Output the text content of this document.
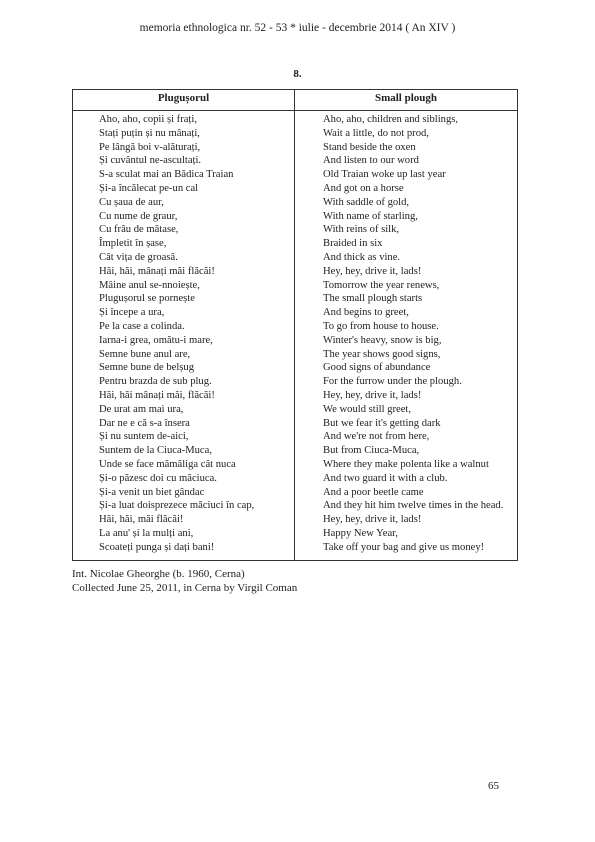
memoria ethnologica nr. 52 - 53 * iulie - decembrie 2014 ( An XIV )
8.
Plugușorul	Small plough
Aho, aho, copii și frați,
Stați puțin și nu mânați,
Pe lângă boi v-alăturați,
Și cuvântul ne-ascultați.
S-a sculat mai an Bădica Traian
Și-a încălecat pe-un cal
Cu șaua de aur,
Cu nume de graur,
Cu frâu de mătase,
Împletit în șase,
Cât vița de groasă.
Hăi, hăi, mânați măi flăcăi!
Mâine anul se-nnoiește,
Plugușorul se pornește
Și începe a ura,
Pe la case a colinda.
Iarna-i grea, omătu-i mare,
Semne bune anul are,
Semne bune de belșug
Pentru brazda de sub plug.
Hăi, hăi mânați măi, flăcăi!
De urat am mai ura,
Dar ne e că s-a însera
Și nu suntem de-aici,
Suntem de la Ciuca-Muca,
Unde se face mămăliga cât nuca
Și-o păzesc doi cu măciuca.
Și-a venit un biet gândac
Și-a luat doisprezece măciuci în cap,
Hăi, hăi, măi flăcăi!
La anu' și la mulți ani,
Scoateți punga și dați bani!
Aho, aho, children and siblings,
Wait a little, do not prod,
Stand beside the oxen
And listen to our word
Old Traian woke up last year
And got on a horse
With saddle of gold,
With name of starling,
With reins of silk,
Braided in six
And thick as vine.
Hey, hey, drive it, lads!
Tomorrow the year renews,
The small plough starts
And begins to greet,
To go from house to house.
Winter's heavy, snow is big,
The year shows good signs,
Good signs of abundance
For the furrow under the plough.
Hey, hey, drive it, lads!
We would still greet,
But we fear it's getting dark
And we're not from here,
But from Ciuca-Muca,
Where they make polenta like a walnut
And two guard it with a club.
And a poor beetle came
And they hit him twelve times in the head.
Hey, hey, drive it, lads!
Happy New Year,
Take off your bag and give us money!
Int. Nicolae Gheorghe (b. 1960, Cerna)
Collected June 25, 2011, in Cerna by Virgil Coman
65
